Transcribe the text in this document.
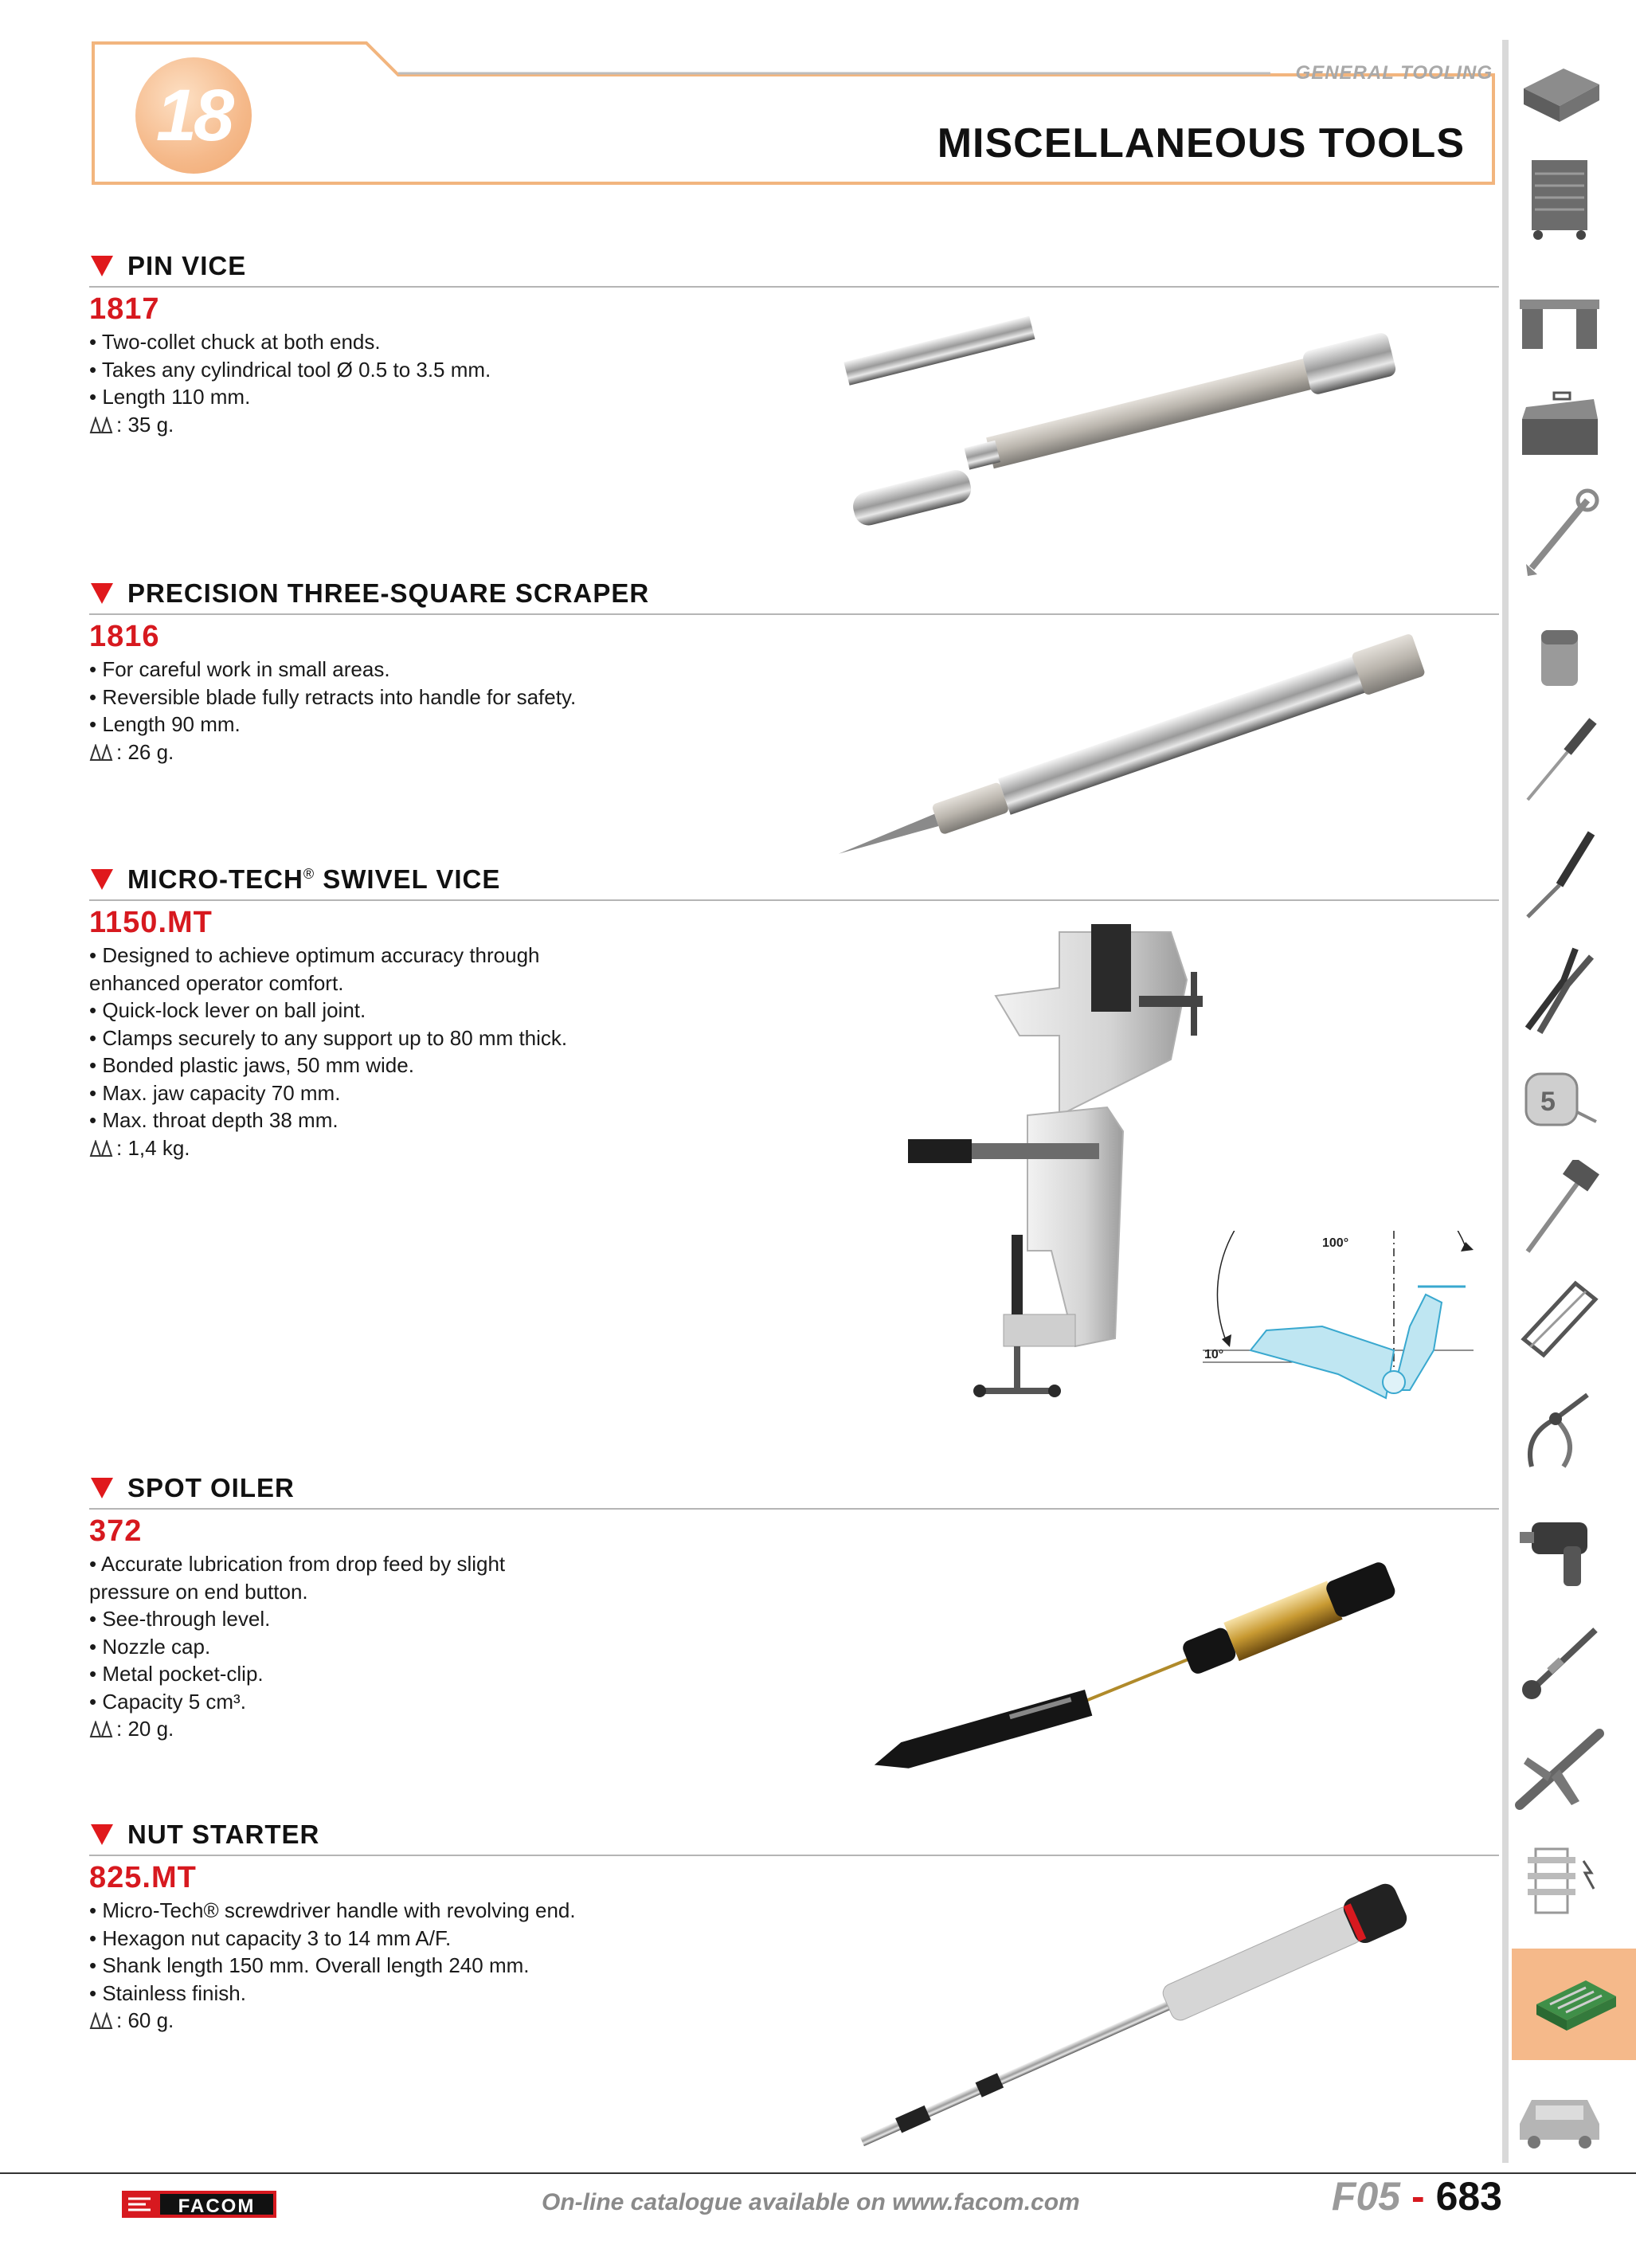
18
GENERAL TOOLING
MISCELLANEOUS TOOLS
PIN VICE
1817
• Two-collet chuck at both ends.
• Takes any cylindrical tool Ø 0.5 to 3.5 mm.
• Length 110 mm.
: 35 g.
PRECISION THREE-SQUARE SCRAPER
1816
• For careful work in small areas.
• Reversible blade fully retracts into handle for safety.
• Length 90 mm.
: 26 g.
MICRO-TECH® SWIVEL VICE
1150.MT
• Designed to achieve optimum accuracy through
enhanced operator comfort.
• Quick-lock lever on ball joint.
• Clamps securely to any support up to 80 mm thick.
• Bonded plastic jaws, 50 mm wide.
• Max. jaw capacity 70 mm.
• Max. throat depth 38 mm.
: 1,4 kg.
100°
10°
SPOT OILER
372
• Accurate lubrication from drop feed by slight
pressure on end button.
• See-through level.
• Nozzle cap.
• Metal pocket-clip.
• Capacity 5 cm³.
: 20 g.
NUT STARTER
825.MT
• Micro-Tech® screwdriver handle with revolving end.
• Hexagon nut capacity 3 to 14 mm A/F.
• Shank length 150 mm. Overall length 240 mm.
• Stainless finish.
: 60 g.
5
FACOM	On-line catalogue available on www.facom.com	F05 - 683
